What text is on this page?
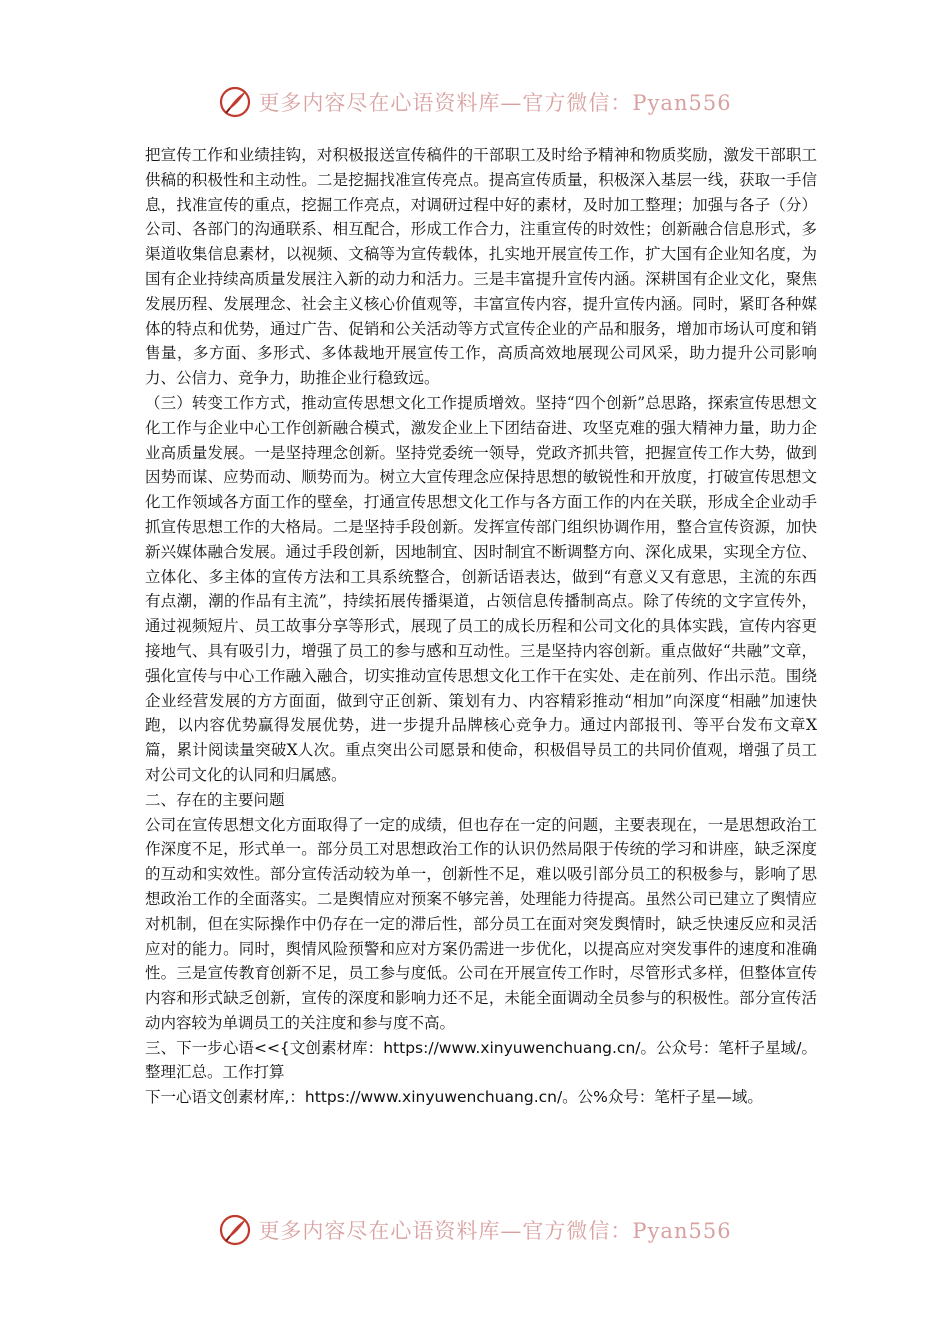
更多内容尽在心语资料库—官方微信：Pyan556

把宣传工作和业绩挂钩，对积极报送宣传稿件的干部职工及时给予精神和物质奖励，激发干部职工供稿的积极性和主动性。二是挖掘找准宣传亮点。提高宣传质量，积极深入基层一线，获取一手信息，找准宣传的重点，挖掘工作亮点，对调研过程中好的素材，及时加工整理；加强与各子（分）公司、各部门的沟通联系、相互配合，形成工作合力，注重宣传的时效性；创新融合信息形式，多渠道收集信息素材，以视频、文稿等为宣传载体，扎实地开展宣传工作，扩大国有企业知名度，为国有企业持续高质量发展注入新的动力和活力。三是丰富提升宣传内涵。深耕国有企业文化，聚焦发展历程、发展理念、社会主义核心价值观等，丰富宣传内容，提升宣传内涵。同时，紧盯各种媒体的特点和优势，通过广告、促销和公关活动等方式宣传企业的产品和服务，增加市场认可度和销售量，多方面、多形式、多体裁地开展宣传工作，高质高效地展现公司风采，助力提升公司影响力、公信力、竞争力，助推企业行稳致远。

（三）转变工作方式，推动宣传思想文化工作提质增效。坚持“四个创新”总思路，探索宣传思想文化工作与企业中心工作创新融合模式，激发企业上下团结奋进、攻坚克难的强大精神力量，助力企业高质量发展。一是坚持理念创新。坚持党委统一领导，党政齐抓共管，把握宣传工作大势，做到因势而谋、应势而动、顺势而为。树立大宣传理念应保持思想的敏锐性和开放度，打破宣传思想文化工作领域各方面工作的壁垒，打通宣传思想文化工作与各方面工作的内在关联，形成全企业动手抓宣传思想工作的大格局。二是坚持手段创新。发挥宣传部门组织协调作用，整合宣传资源，加快新兴媒体融合发展。通过手段创新，因地制宜、因时制宜不断调整方向、深化成果，实现全方位、立体化、多主体的宣传方法和工具系统整合，创新话语表达，做到“有意义又有意思，主流的东西有点潮，潮的作品有主流”，持续拓展传播渠道，占领信息传播制高点。除了传统的文字宣传外，通过视频短片、员工故事分享等形式，展现了员工的成长历程和公司文化的具体实践，宣传内容更接地气、具有吸引力，增强了员工的参与感和互动性。三是坚持内容创新。重点做好“共融”文章，强化宣传与中心工作融入融合，切实推动宣传思想文化工作干在实处、走在前列、作出示范。围绕企业经营发展的方方面面，做到守正创新、策划有力、内容精彩推动“相加”向深度“相融”加速快跑，以内容优势赢得发展优势，进一步提升品牌核心竞争力。通过内部报刊、等平台发布文章X篇，累计阅读量突破X人次。重点突出公司愿景和使命，积极倡导员工的共同价值观，增强了员工对公司文化的认同和归属感。

二、存在的主要问题

公司在宣传思想文化方面取得了一定的成绩，但也存在一定的问题，主要表现在，一是思想政治工作深度不足，形式单一。部分员工对思想政治工作的认识仍然局限于传统的学习和讲座，缺乏深度的互动和实效性。部分宣传活动较为单一，创新性不足，难以吸引部分员工的积极参与，影响了思想政治工作的全面落实。二是舆情应对预案不够完善，处理能力待提高。虽然公司已建立了舆情应对机制，但在实际操作中仍存在一定的滞后性，部分员工在面对突发舆情时，缺乏快速反应和灵活应对的能力。同时，舆情风险预警和应对方案仍需进一步优化，以提高应对突发事件的速度和准确性。三是宣传教育创新不足，员工参与度低。公司在开展宣传工作时，尽管形式多样，但整体宣传内容和形式缺乏创新，宣传的深度和影响力还不足，未能全面调动全员参与的积极性。部分宣传活动内容较为单调员工的关注度和参与度不高。

三、下一步心语<<{文创素材库：https://www.xinyuwenchuang.cn/。公众号：笔杆子星域/。整理汇总。工作打算

下一心语文创素材库,：https://www.xinyuwenchuang.cn/。公%众号：笔杆子星—域。

更多内容尽在心语资料库—官方微信：Pyan556
